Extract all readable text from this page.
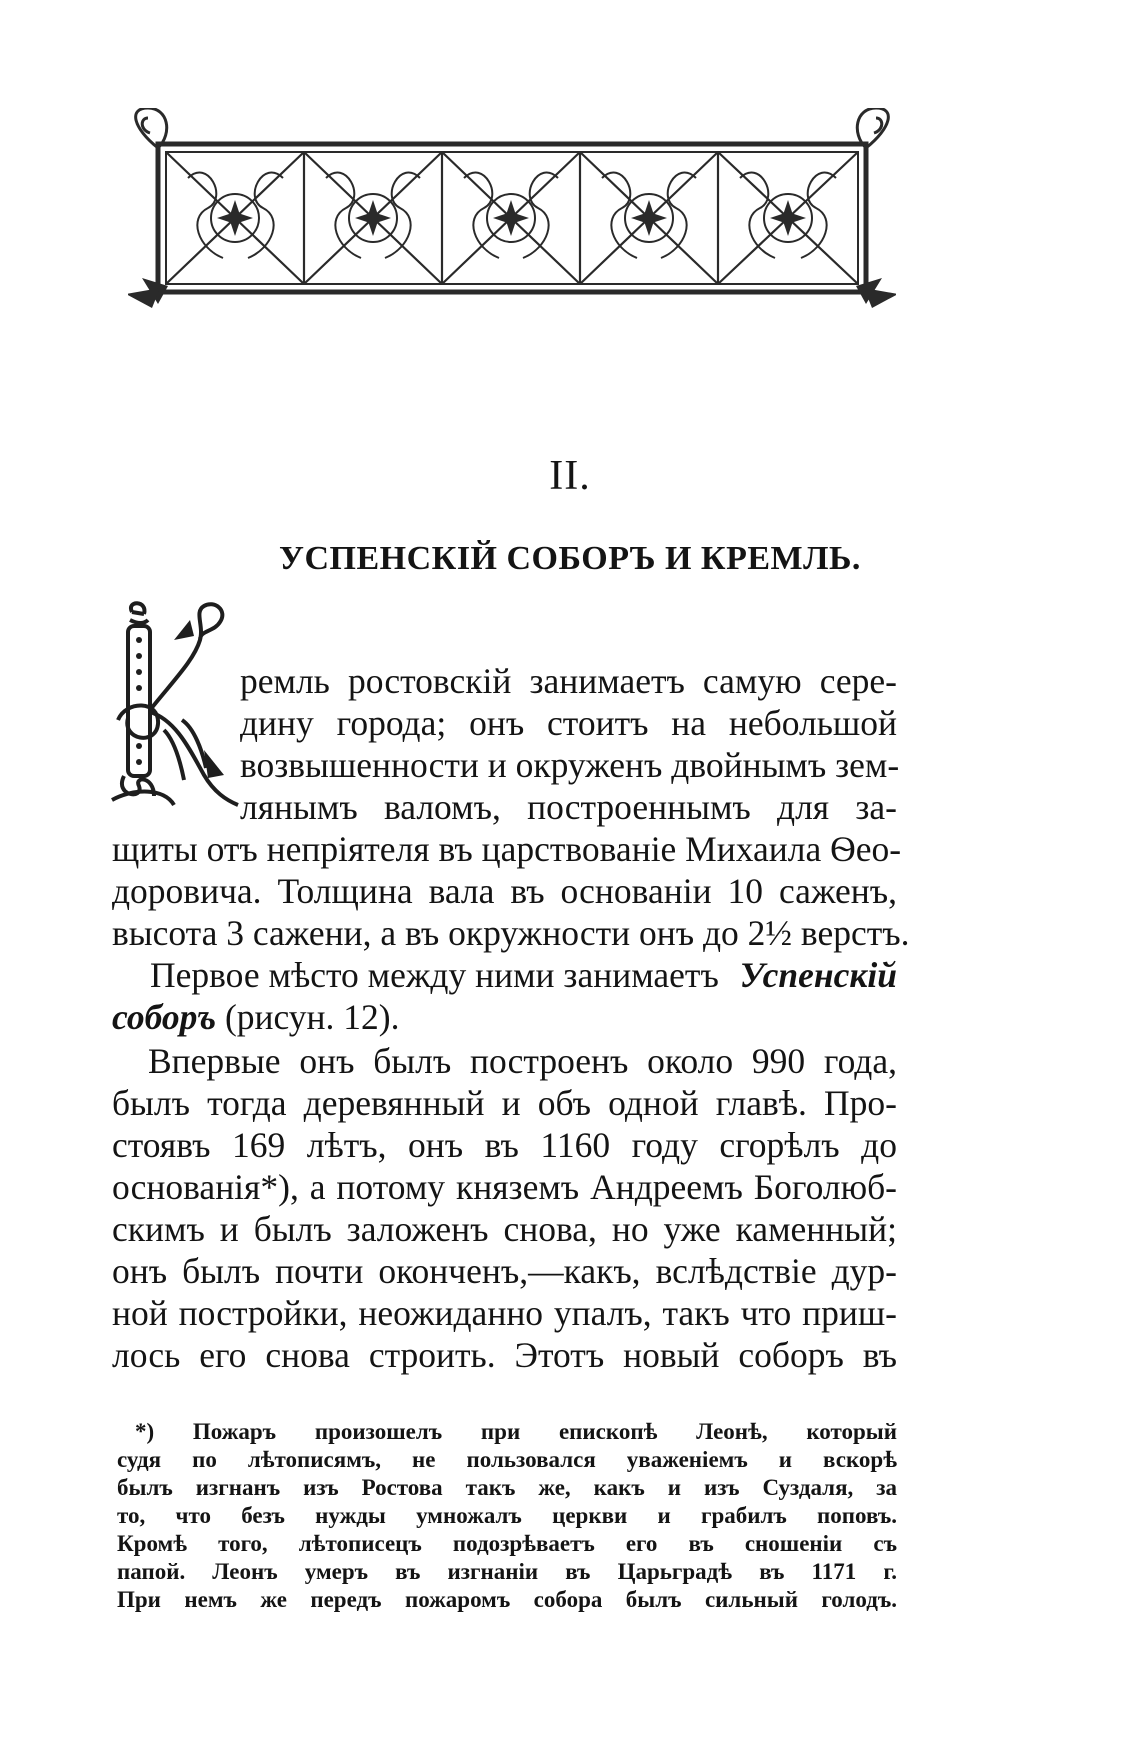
II.
УСПЕНСКІЙ СОБОРЪ И КРЕМЛЬ.
ремль ростовскій занимаетъ самую сере-
дину города; онъ стоитъ на небольшой
возвышенности и окруженъ двойнымъ зем-
лянымъ валомъ, построеннымъ для за-
щиты отъ непріятеля въ царствованіе Михаила Ѳео-
доровича. Толщина вала въ основаніи 10 саженъ,
высота 3 сажени, а въ окружности онъ до 2½ верстъ.
Первое мѣсто между ними занимаетъ Успенскій
соборъ (рисун. 12).
Впервые онъ былъ построенъ около 990 года,
былъ тогда деревянный и объ одной главѣ. Про-
стоявъ 169 лѣтъ, онъ въ 1160 году сгорѣлъ до
основанія*), а потому княземъ Андреемъ Боголюб-
скимъ и былъ заложенъ снова, но уже каменный;
онъ былъ почти оконченъ,—какъ, вслѣдствіе дур-
ной постройки, неожиданно упалъ, такъ что приш-
лось его снова строить. Этотъ новый соборъ въ
*) Пожаръ произошелъ при епископѣ Леонѣ, который
судя по лѣтописямъ, не пользовался уваженіемъ и вскорѣ
былъ изгнанъ изъ Ростова такъ же, какъ и изъ Суздаля, за
то, что безъ нужды умножалъ церкви и грабилъ поповъ.
Кромѣ того, лѣтописецъ подозрѣваетъ его въ сношеніи съ
папой. Леонъ умеръ въ изгнаніи въ Царьградѣ въ 1171 г.
При немъ же передъ пожаромъ собора былъ сильный голодъ.
